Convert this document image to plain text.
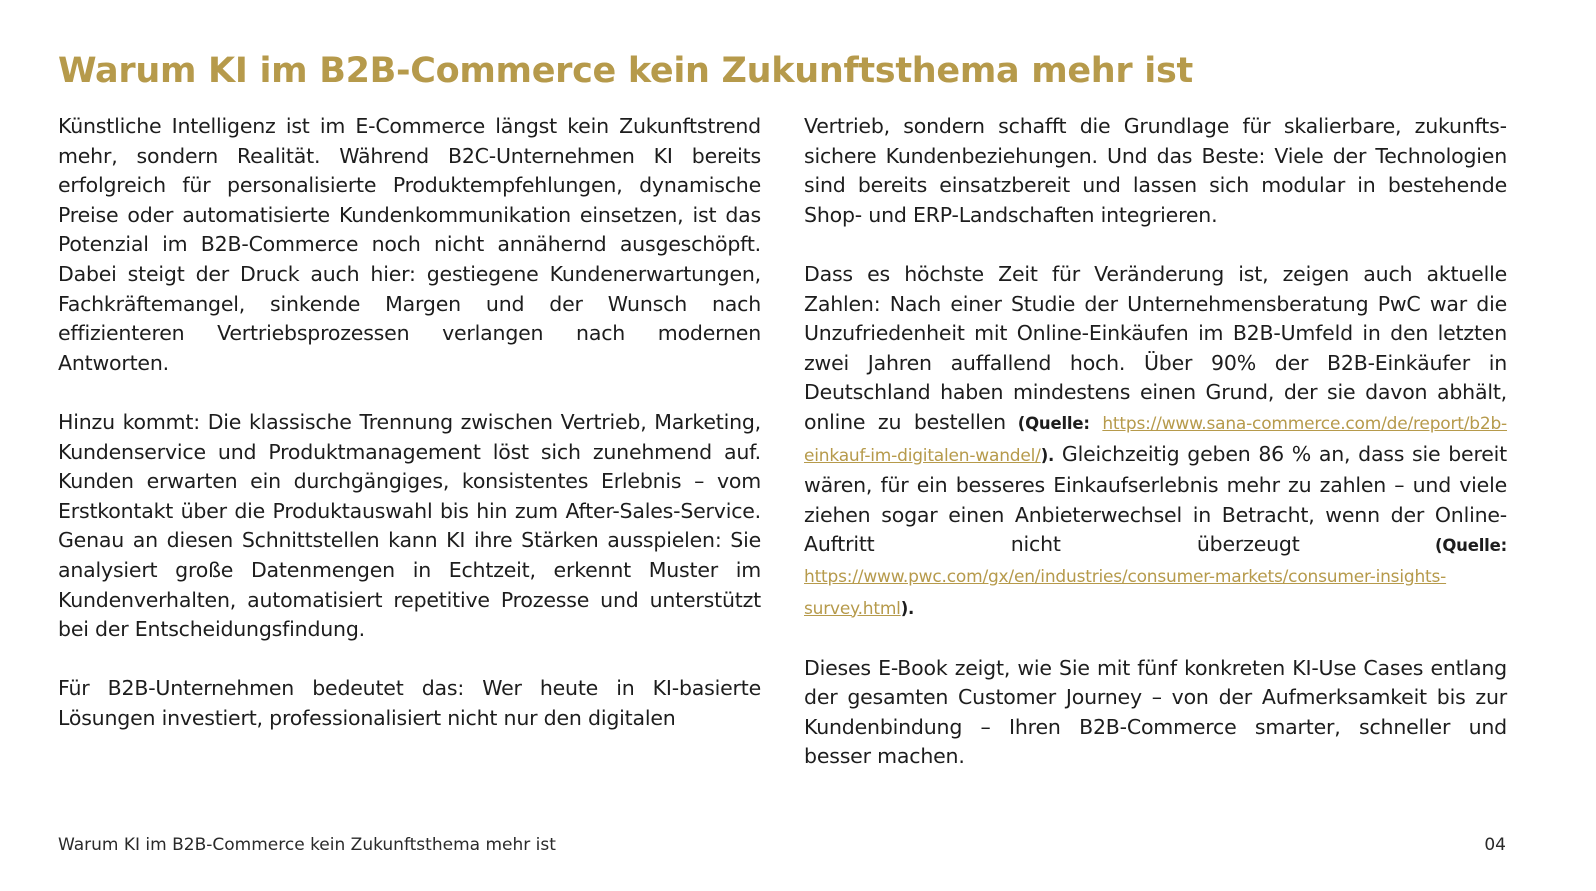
Warum KI im B2B-Commerce kein Zukunftsthema mehr ist

Künstliche Intelligenz ist im E-Commerce längst kein Zukunftstrend mehr, sondern Realität. Während B2C-Unternehmen KI bereits erfolgreich für personalisierte Produktempfehlungen, dynamische Preise oder automatisierte Kundenkommunikation einsetzen, ist das Potenzial im B2B-Commerce noch nicht annähernd ausgeschöpft. Dabei steigt der Druck auch hier: gestiegene Kundenerwartungen, Fachkräftemangel, sinkende Margen und der Wunsch nach effizienteren Vertriebsprozessen verlangen nach modernen Antworten.

Hinzu kommt: Die klassische Trennung zwischen Vertrieb, Marketing, Kundenservice und Produktmanagement löst sich zunehmend auf. Kunden erwarten ein durchgängiges, konsistentes Erlebnis – vom Erstkontakt über die Produktauswahl bis hin zum After-Sales-Service. Genau an diesen Schnittstellen kann KI ihre Stärken ausspielen: Sie analysiert große Datenmengen in Echtzeit, erkennt Muster im Kundenverhalten, automatisiert repetitive Prozesse und unterstützt bei der Entscheidungsfindung.

Für B2B-Unternehmen bedeutet das: Wer heute in KI-basierte Lösungen investiert, professionalisiert nicht nur den digitalen

Vertrieb, sondern schafft die Grundlage für skalierbare, zukunftssichere Kundenbeziehungen. Und das Beste: Viele der Technologien sind bereits einsatzbereit und lassen sich modular in bestehende Shop- und ERP-Landschaften integrieren.

Dass es höchste Zeit für Veränderung ist, zeigen auch aktuelle Zahlen: Nach einer Studie der Unternehmensberatung PwC war die Unzufriedenheit mit Online-Einkäufen im B2B-Umfeld in den letzten zwei Jahren auffallend hoch. Über 90% der B2B-Einkäufer in Deutschland haben mindestens einen Grund, der sie davon abhält, online zu bestellen (Quelle: https://www.sana-commerce.com/de/report/b2b-einkauf-im-digitalen-wandel/). Gleichzeitig geben 86 % an, dass sie bereit wären, für ein besseres Einkaufserlebnis mehr zu zahlen – und viele ziehen sogar einen Anbieterwechsel in Betracht, wenn der Online-Auftritt nicht überzeugt (Quelle: https://www.pwc.com/gx/en/industries/consumer-markets/consumer-insights-survey.html).

Dieses E-Book zeigt, wie Sie mit fünf konkreten KI-Use Cases entlang der gesamten Customer Journey – von der Aufmerksamkeit bis zur Kundenbindung – Ihren B2B-Commerce smarter, schneller und besser machen.

Warum KI im B2B-Commerce kein Zukunftsthema mehr ist	04
